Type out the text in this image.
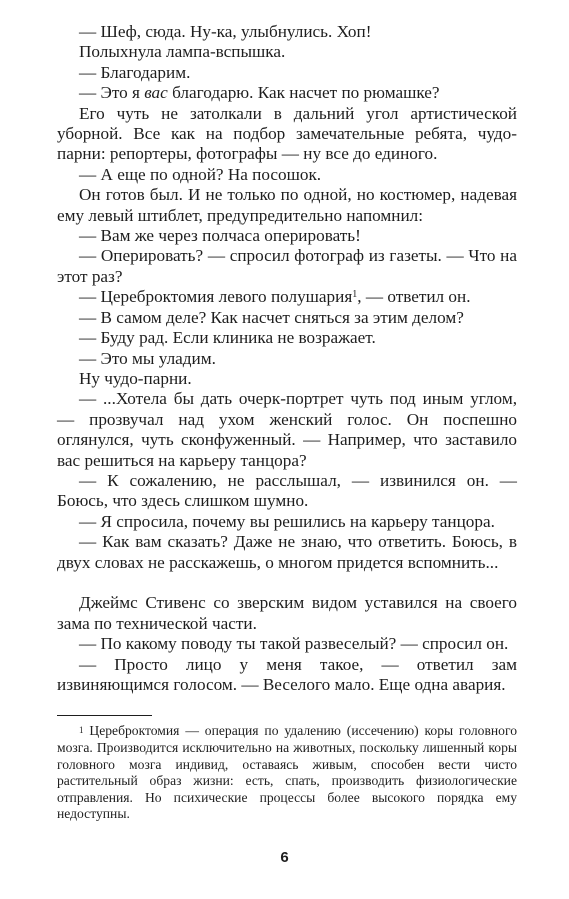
— Шеф, сюда. Ну-ка, улыбнулись. Хоп!

Полыхнула лампа-вспышка.

— Благодарим.

— Это я вас благодарю. Как насчет по рюмашке?

Его чуть не затолкали в дальний угол артистической уборной. Все как на подбор замечательные ребята, чудо-парни: репортеры, фотографы — ну все до единого.

— А еще по одной? На посошок.

Он готов был. И не только по одной, но костюмер, надевая ему левый штиблет, предупредительно напомнил:

— Вам же через полчаса оперировать!

— Оперировать? — спросил фотограф из газеты. — Что на этот раз?

— Цереброктомия левого полушария$^1$, — ответил он.

— В самом деле? Как насчет сняться за этим делом?

— Буду рад. Если клиника не возражает.

— Это мы уладим.

Ну чудо-парни.

— ...Хотела бы дать очерк-портрет чуть под иным углом, — прозвучал над ухом женский голос. Он поспешно оглянулся, чуть сконфуженный. — Например, что заставило вас решиться на карьеру танцора?

— К сожалению, не расслышал, — извинился он. — Боюсь, что здесь слишком шумно.

— Я спросила, почему вы решились на карьеру танцора.

— Как вам сказать? Даже не знаю, что ответить. Боюсь, в двух словах не расскажешь, о многом придется вспомнить...

Джеймс Стивенс со зверским видом уставился на своего зама по технической части.

— По какому поводу ты такой развеселый? — спросил он.

— Просто лицо у меня такое, — ответил зам извиняющимся голосом. — Веселого мало. Еще одна авария.

$^1$ Цереброктомия — операция по удалению (иссечению) коры головного мозга. Производится исключительно на животных, поскольку лишенный коры головного мозга индивид, оставаясь живым, способен вести чисто растительный образ жизни: есть, спать, производить физиологические отправления. Но психические процессы более высокого порядка ему недоступны.

6
